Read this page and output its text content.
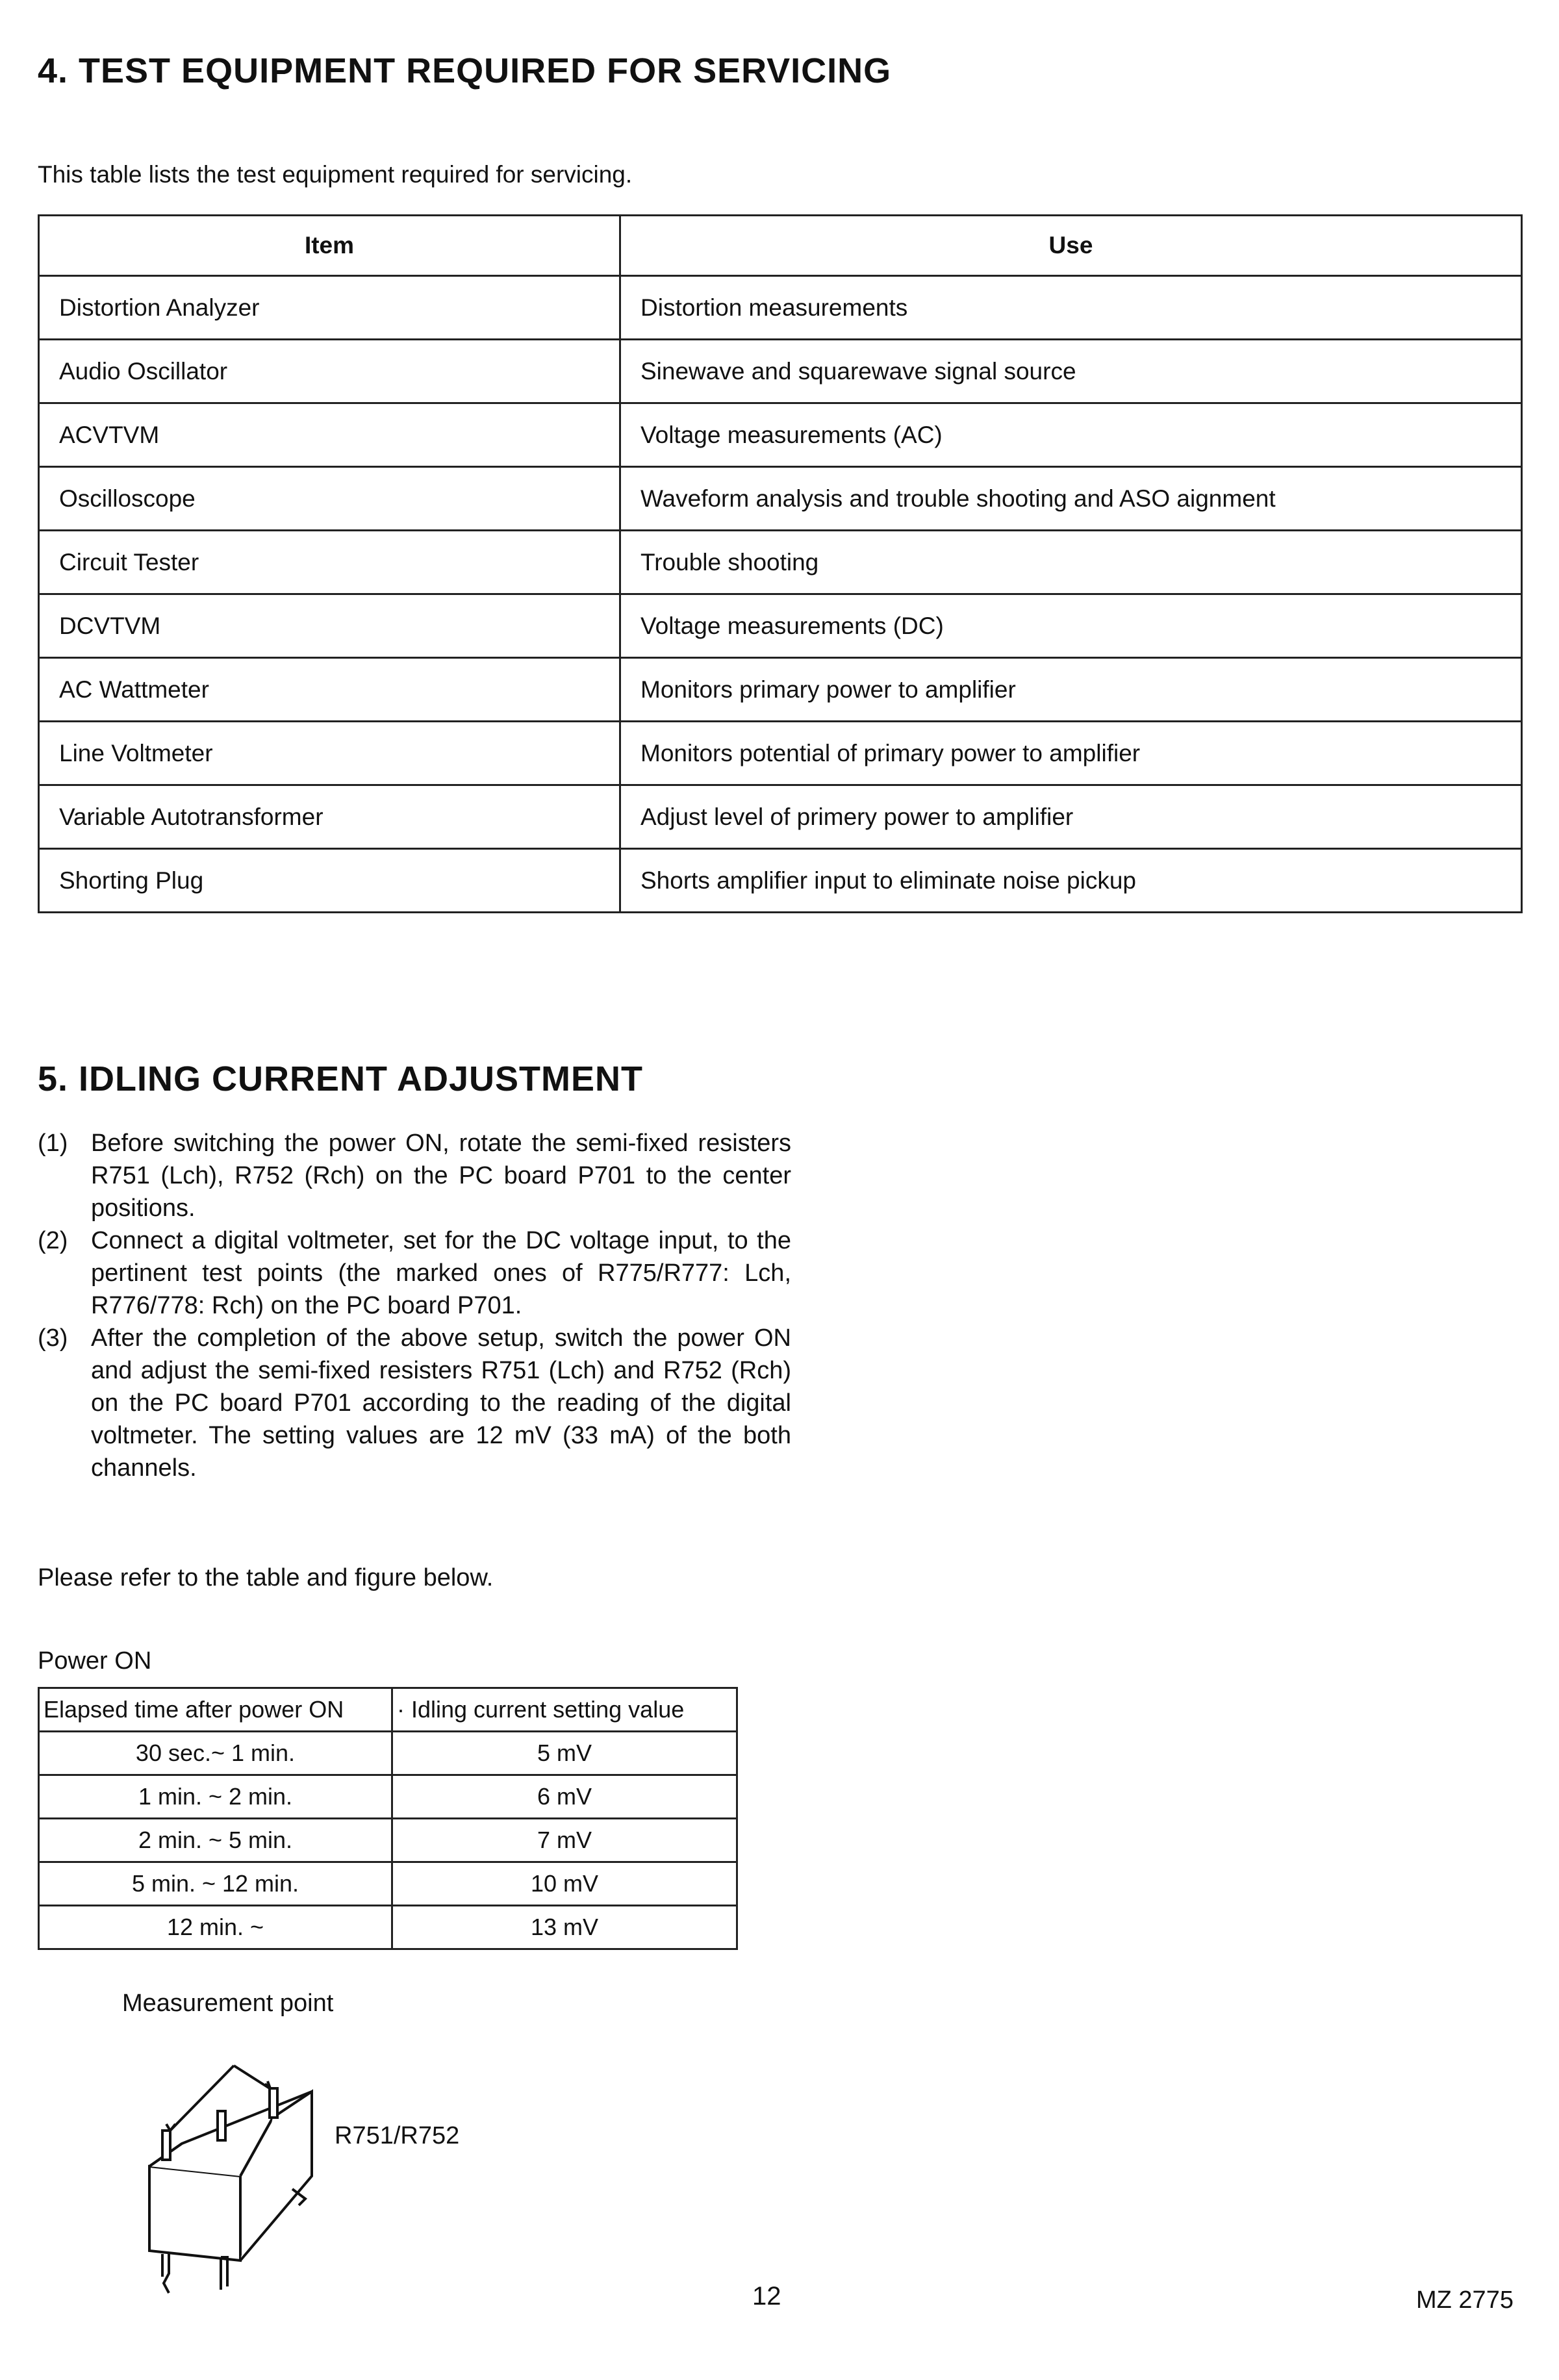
4. TEST EQUIPMENT REQUIRED FOR SERVICING
This table lists the test equipment required for servicing.
Item	Use
Distortion Analyzer	Distortion measurements
Audio Oscillator	Sinewave and squarewave signal source
ACVTVM	Voltage measurements (AC)
Oscilloscope	Waveform analysis and trouble shooting and ASO aignment
Circuit Tester	Trouble shooting
DCVTVM	Voltage measurements (DC)
AC Wattmeter	Monitors primary power to amplifier
Line Voltmeter	Monitors potential of primary power to amplifier
Variable Autotransformer	Adjust level of primery power to amplifier
Shorting Plug	Shorts amplifier input to eliminate noise pickup
5. IDLING CURRENT ADJUSTMENT
(1) Before switching the power ON, rotate the semi-fixed resisters R751 (Lch), R752 (Rch) on the PC board P701 to the center positions.
(2) Connect a digital voltmeter, set for the DC voltage input, to the pertinent test points (the marked ones of R775/R777: Lch, R776/778: Rch) on the PC board P701.
(3) After the completion of the above setup, switch the power ON and adjust the semi-fixed resisters R751 (Lch) and R752 (Rch) on the PC board P701 according to the reading of the digital voltmeter. The setting values are 12 mV (33 mA) of the both channels.
Please refer to the table and figure below.
Power ON
Elapsed time after power ON	· Idling current setting value
30 sec.~ 1 min.	5 mV
1 min. ~ 2 min.	6 mV
2 min. ~ 5 min.	7 mV
5 min. ~ 12 min.	10 mV
12 min. ~	13 mV
Measurement point
R751/R752
12	MZ 2775
